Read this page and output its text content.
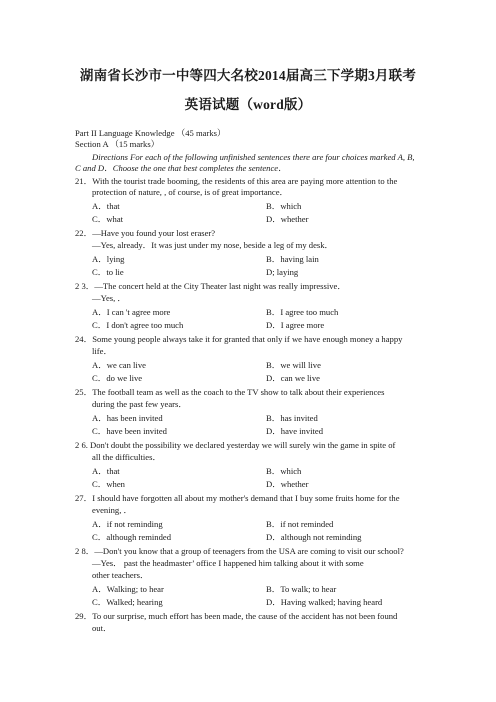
湖南省长沙市一中等四大名校2014届高三下学期3月联考
英语试题（word版）
Part II Language Knowledge （45 marks）
Section A （15 marks）
Directions For each of the following unfinished sentences there are four choices marked A, B,
C and D．Choose the one that best completes the sentence．
21．With the tourist trade booming, the residents of this area are paying more attention to the
protection of nature, , of course, is of great importance．
A．that	B．which
C．what	D．whether
22．—Have you found your lost eraser?
—Yes, already．It was just under my nose, beside a leg of my desk．
A．lying	B．having lain
C．to lie	D; laying
2 3．—The concert held at the City Theater last night was really impressive．
—Yes, ．
A．I can 't agree more	B．I agree too much
C．I don't agree too much	D．I agree more
24．Some young people always take it for granted that only if we have enough money a happy
life．
A．we can live	B．we will live
C．do we live	D．can we live
25．The football team as well as the coach to the TV show to talk about their experiences
during the past few years．
A．has been invited	B．has invited
C．have been invited	D．have invited
2 6. Don't doubt the possibility we declared yesterday we will surely win the game in spite of
all the difficulties．
A．that	B．which
C．when	D．whether
27．I should have forgotten all about my mother's demand that I buy some fruits home for the
evening, ．
A．if not reminding	B．if not reminded
C．although reminded	D．although not reminding
2 8．—Don't you know that a group of teenagers from the USA are coming to visit our school?
—Yes． past the headmaster’ office I happened him talking about it with some
other teachers．
A．Walking; to hear	B．To walk; to hear
C．Walked; hearing	D．Having walked; having heard
29．To our surprise, much effort has been made, the cause of the accident has not been found
out．
